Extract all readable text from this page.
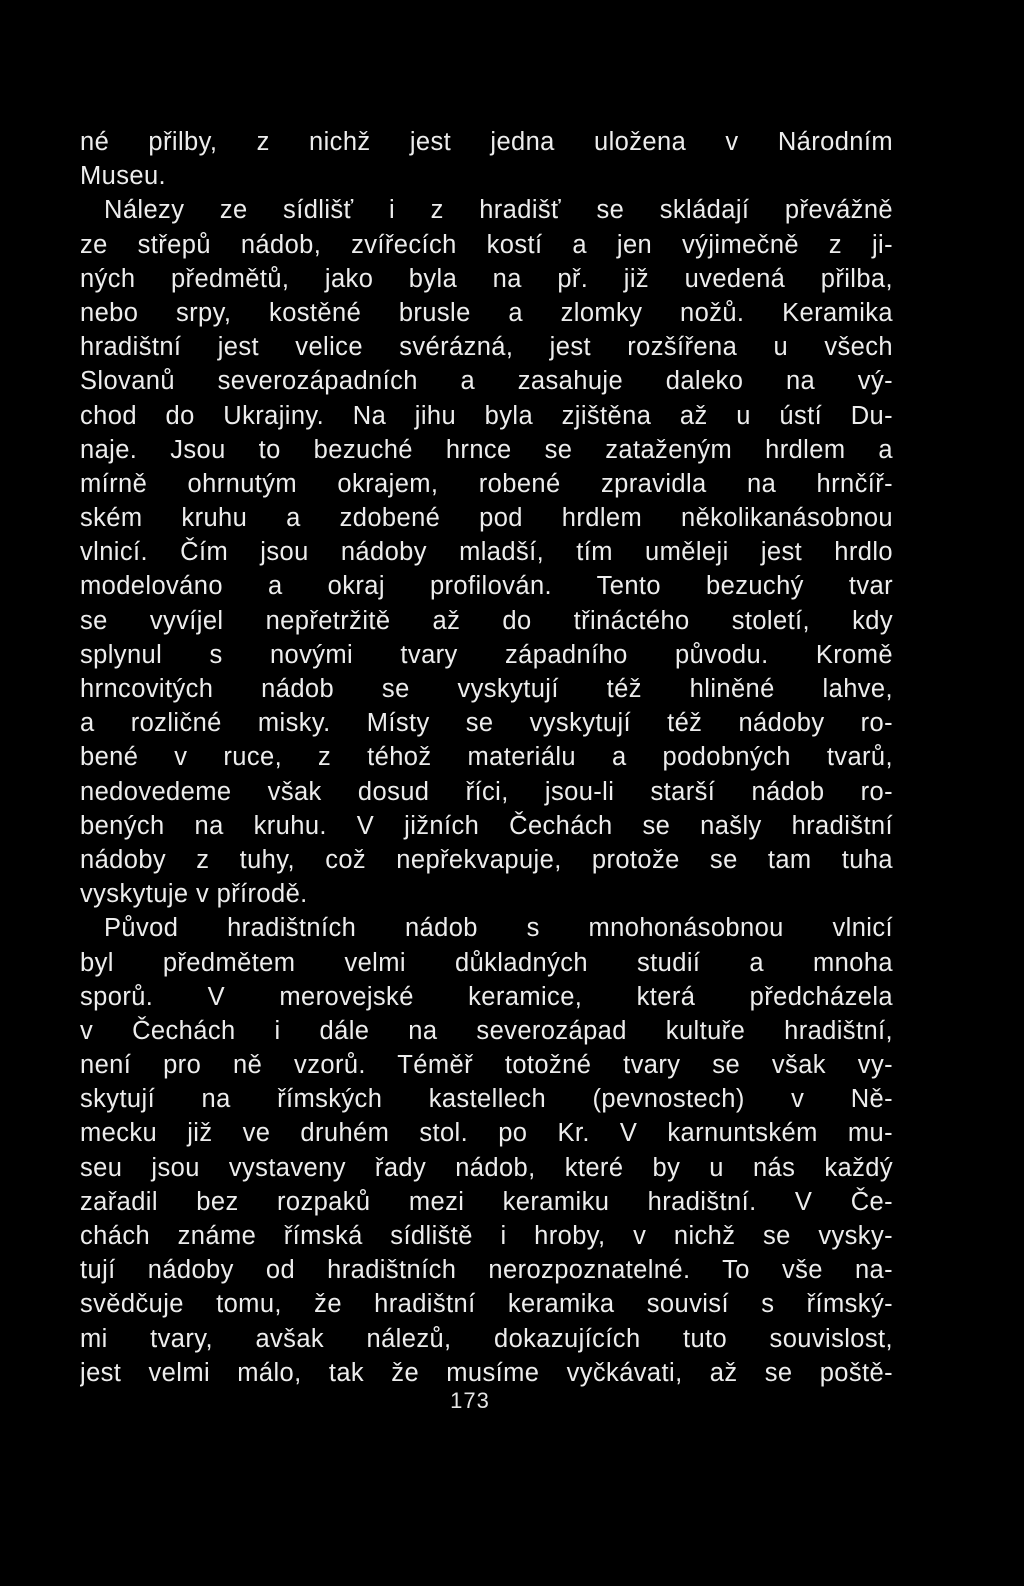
né přilby, z nichž jest jedna uložena v Národním
Museu.
Nálezy ze sídlišť i z hradišť se skládají převážně
ze střepů nádob, zvířecích kostí a jen výjimečně z ji-
ných předmětů, jako byla na př. již uvedená přilba,
nebo srpy, kostěné brusle a zlomky nožů. Keramika
hradištní jest velice svérázná, jest rozšířena u všech
Slovanů severozápadních a zasahuje daleko na vý-
chod do Ukrajiny. Na jihu byla zjištěna až u ústí Du-
naje. Jsou to bezuché hrnce se zataženým hrdlem a
mírně ohrnutým okrajem, robené zpravidla na hrnčíř-
ském kruhu a zdobené pod hrdlem několikanásobnou
vlnicí. Čím jsou nádoby mladší, tím uměleji jest hrdlo
modelováno a okraj profilován. Tento bezuchý tvar
se vyvíjel nepřetržitě až do třináctého století, kdy
splynul s novými tvary západního původu. Kromě
hrncovitých nádob se vyskytují též hliněné lahve,
a rozličné misky. Místy se vyskytují též nádoby ro-
bené v ruce, z téhož materiálu a podobných tvarů,
nedovedeme však dosud říci, jsou-li starší nádob ro-
bených na kruhu. V jižních Čechách se našly hradištní
nádoby z tuhy, což nepřekvapuje, protože se tam tuha
vyskytuje v přírodě.
Původ hradištních nádob s mnohonásobnou vlnicí
byl předmětem velmi důkladných studií a mnoha
sporů. V merovejské keramice, která předcházela
v Čechách i dále na severozápad kultuře hradištní,
není pro ně vzorů. Téměř totožné tvary se však vy-
skytují na římských kastellech (pevnostech) v Ně-
mecku již ve druhém stol. po Kr. V karnuntském mu-
seu jsou vystaveny řady nádob, které by u nás každý
zařadil bez rozpaků mezi keramiku hradištní. V Če-
chách známe římská sídliště i hroby, v nichž se vysky-
tují nádoby od hradištních nerozpoznatelné. To vše na-
svědčuje tomu, že hradištní keramika souvisí s římský-
mi tvary, avšak nálezů, dokazujících tuto souvislost,
jest velmi málo, tak že musíme vyčkávati, až se poště-
173
